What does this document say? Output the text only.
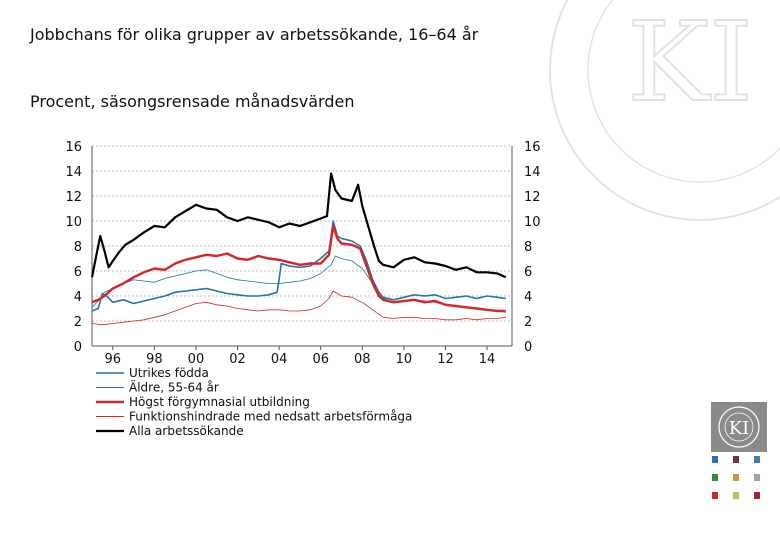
Jobbchans för olika grupper av arbetssökande, 16–64 år
Procent, säsongsrensade månadsvärden KI
0
2
4
6
8
10
12
14
16
0
2
4
6
8
10
12
14
16
96 98 00 02 04 06 08 10 12 14
Utrikes födda
Äldre, 55-64 år
Högst förgymnasial utbildning
Funktionshindrade med nedsatt arbetsförmåga
Alla arbetssökande	KI
